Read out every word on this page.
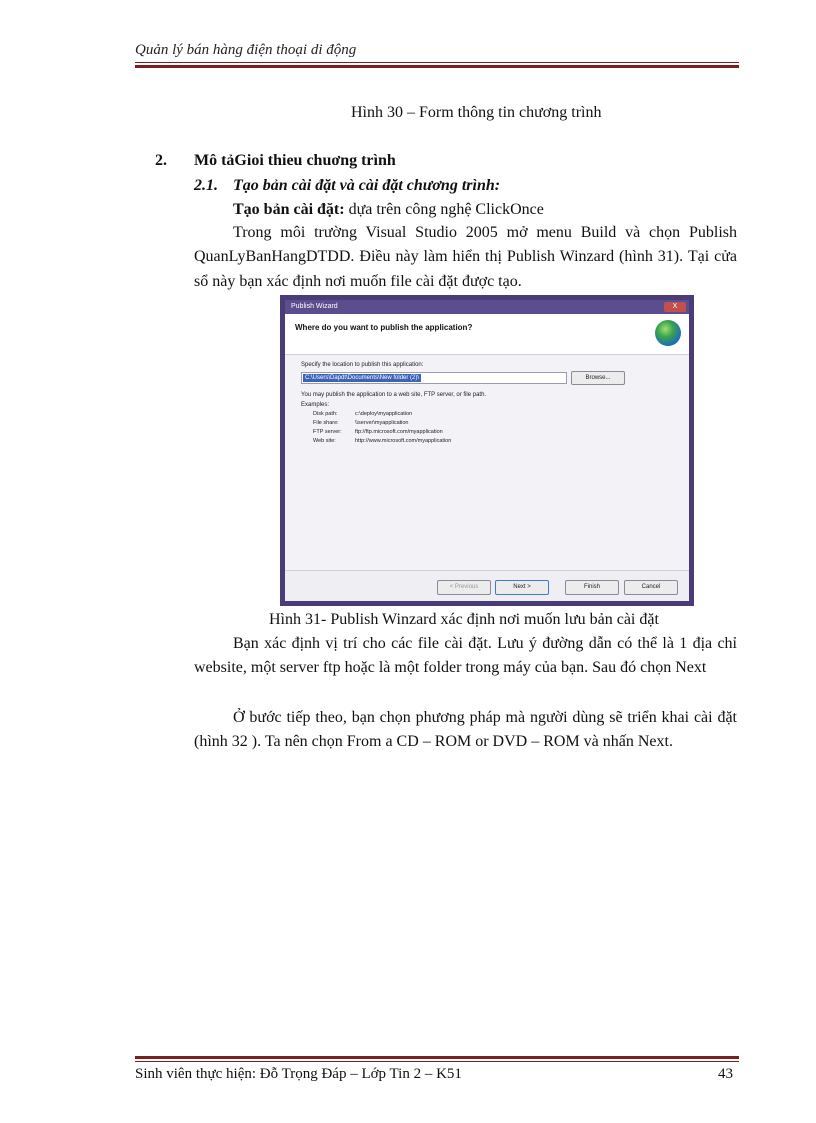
Quản lý bán hàng điện thoại di động
Hình 30 – Form thông tin chương trình
2. Mô tảGioi thieu chuơng trình
2.1. Tạo bản cài đặt và cài đặt chương trình:
Tạo bản cài đặt: dựa trên công nghệ ClickOnce
Trong môi trường Visual Studio 2005 mở menu Build và chọn Publish QuanLyBanHangDTDD. Điều này làm hiển thị Publish Winzard (hình 31). Tại cửa sổ này bạn xác định nơi muốn file cài đặt được tạo.
Publish Wizard	X
Where do you want to publish the application?
Specify the location to publish this application:
C:\Users\Dapdt\Documents\New folder (2)\	Browse...
You may publish the application to a web site, FTP server, or file path.
Examples:
Disk path:	c:\deploy\myapplication
File share:	\\server\myapplication
FTP server: ftp://ftp.microsoft.com/myapplication
Web site:	http://www.microsoft.com/myapplication
< Previous	Next >	Finish	Cancel
Hình 31- Publish Winzard xác định nơi muốn lưu bản cài đặt
Bạn xác định vị trí cho các file cài đặt. Lưu ý đường dẫn có thể là 1 địa chỉ website, một server ftp hoặc là một folder trong máy của bạn. Sau đó chọn Next
Ở bước tiếp theo, bạn chọn phương pháp mà người dùng sẽ triển khai cài đặt (hình 32 ). Ta nên chọn From a CD – ROM or DVD – ROM và nhấn Next.
Sinh viên thực hiện: Đỗ Trọng Đáp – Lớp Tin 2 – K51	43
